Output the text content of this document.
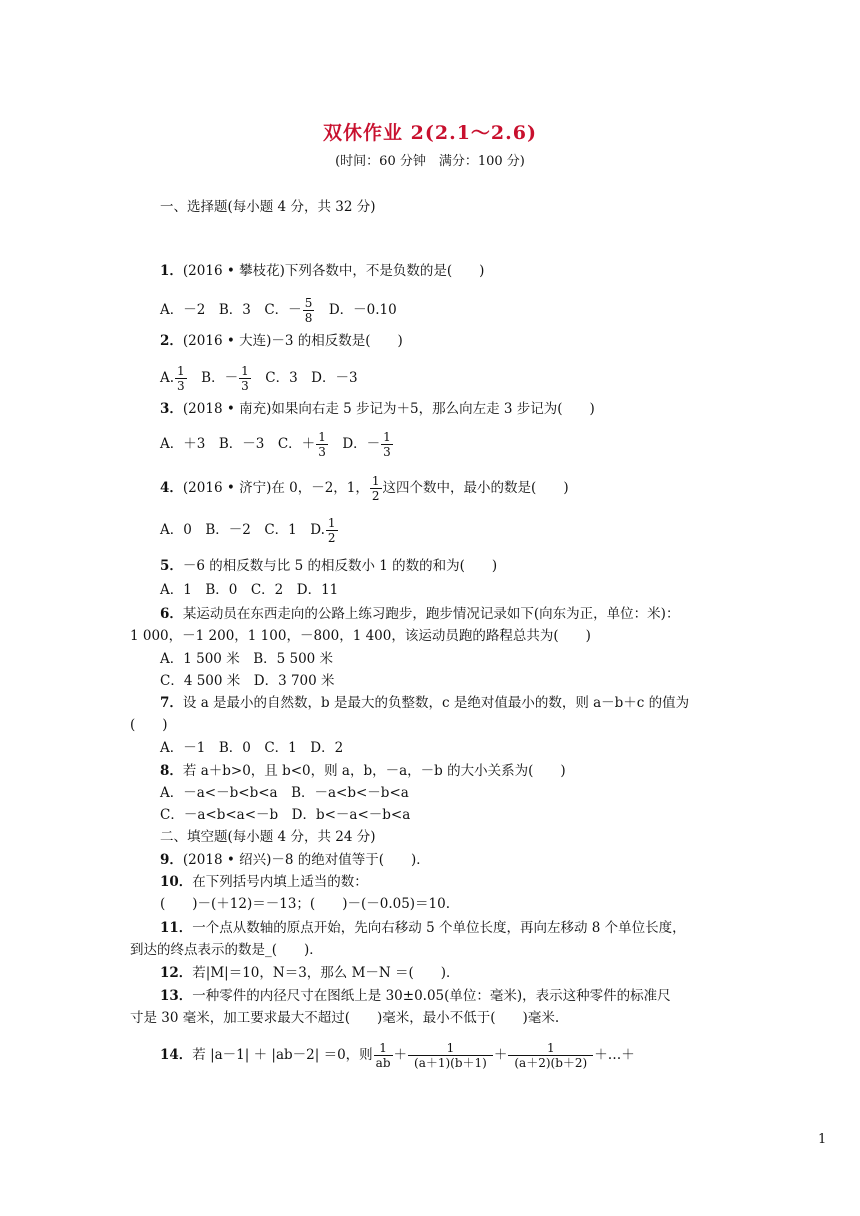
双休作业 2(2.1～2.6)
(时间：60 分钟　满分：100 分)
一、选择题(每小题 4 分，共 32 分)
1．(2016 • 攀枝花)下列各数中，不是负数的是(　　)
A．－2　B．3　C．－ $\frac{5}{8}$ 　D．－0.10
2．(2016 • 大连)－3 的相反数是(　　)
A. $\frac{1}{3}$ 　B．－ $\frac{1}{3}$ 　C．3　D．－3
3．(2018 • 南充)如果向右走 5 步记为＋5，那么向左走 3 步记为(　　)
A．＋3　B．－3　C．＋ $\frac{1}{3}$ 　D．－ $\frac{1}{3}$
4．(2016 • 济宁)在 0，－2，1， $\frac{1}{2}$ 这四个数中，最小的数是(　　)
A．0　B．－2　C．1　D. $\frac{1}{2}$
5．－6 的相反数与比 5 的相反数小 1 的数的和为(　　)
A．1　B．0　C．2　D．11
6．某运动员在东西走向的公路上练习跑步，跑步情况记录如下(向东为正，单位：米)：
1 000，－1 200，1 100，－800，1 400，该运动员跑的路程总共为(　　)
A．1 500 米　B．5 500 米
C．4 500 米　D．3 700 米
7．设 a 是最小的自然数，b 是最大的负整数，c 是绝对值最小的数，则 a－b＋c 的值为
(　　)
A．－1　B．0　C．1　D．2
8．若 a＋b>0，且 b<0，则 a，b，－a，－b 的大小关系为(　　)
A．－a<－b<b<a　B．－a<b<－b<a
C．－a<b<a<－b　D．b<－a<－b<a
二、填空题(每小题 4 分，共 24 分)
9．(2018 • 绍兴)－8 的绝对值等于(　　)．
10．在下列括号内填上适当的数：
(　　)－(＋12)＝－13；(　　)－(－0.05)＝10.
11．一个点从数轴的原点开始，先向右移动 5 个单位长度，再向左移动 8 个单位长度，
到达的终点表示的数是_(　　)．
12．若|M|＝10，N＝3，那么 M－N ＝(　　)．
13．一种零件的内径尺寸在图纸上是 30±0.05(单位：毫米)，表示这种零件的标准尺
寸是 30 毫米，加工要求最大不超过(　　)毫米，最小不低于(　　)毫米.
14．若 |a－1| ＋ |ab－2| ＝0，则 $\frac{1}{ab} + \frac{1}{(a+1)(b+1)} + \frac{1}{(a+2)(b+2)}$ ＋…＋
1
